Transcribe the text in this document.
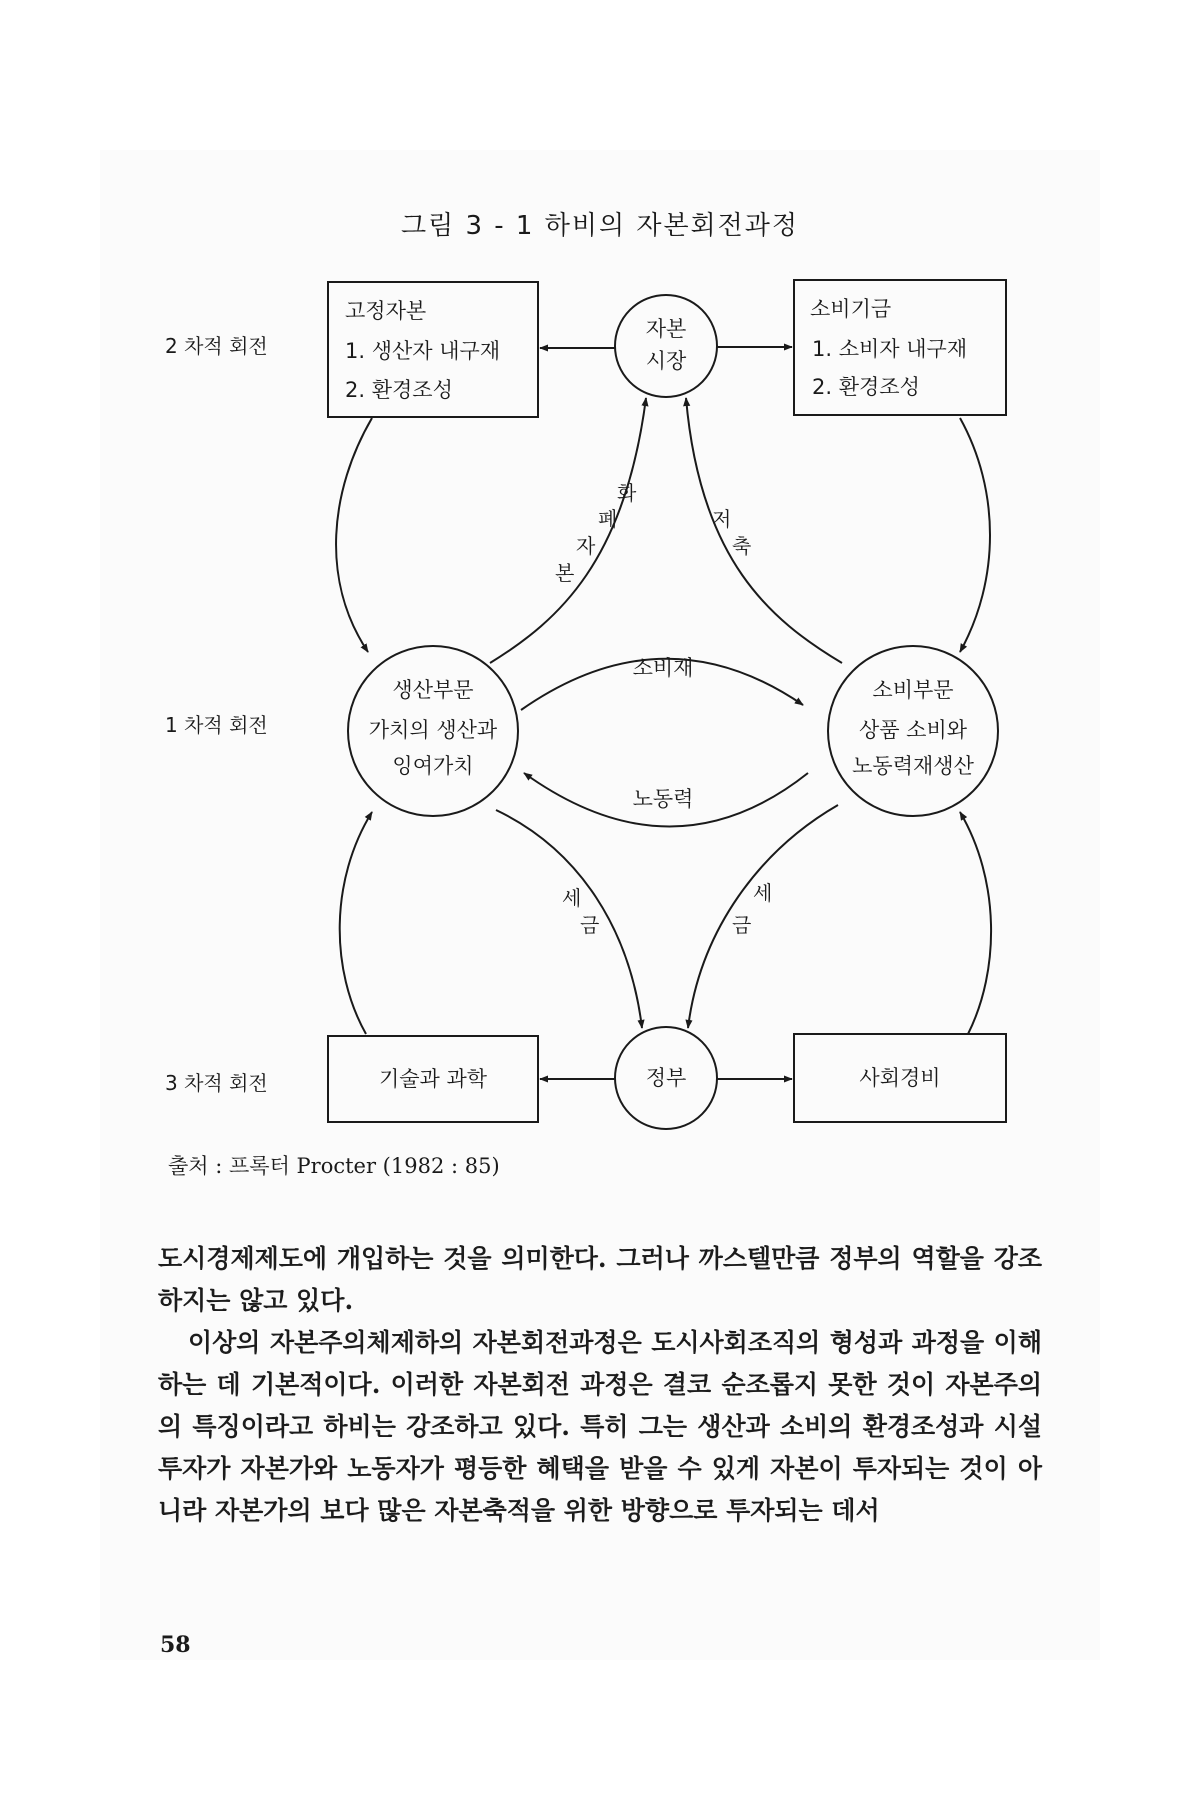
그림 3 - 1 하비의 자본회전과정
2 차적 회전
1 차적 회전
3 차적 회전
고정자본
1. 생산자 내구재
2. 환경조성
자본
시장
소비기금
1. 소비자 내구재
2. 환경조성
생산부문
가치의 생산과
잉여가치
소비부문
상품 소비와
노동력재생산
소비재
노동력
화
폐
자
본
저
축
세
금
세
금
기술과 과학	정부	사회경비

출처 : 프록터 Procter (1982 : 85)

도시경제제도에 개입하는 것을 의미한다. 그러나 까스텔만큼 정부의 역할을 강조하지는 않고 있다.

이상의 자본주의체제하의 자본회전과정은 도시사회조직의 형성과 과정을 이해하는 데 기본적이다. 이러한 자본회전 과정은 결코 순조롭지 못한 것이 자본주의의 특징이라고 하비는 강조하고 있다. 특히 그는 생산과 소비의 환경조성과 시설투자가 자본가와 노동자가 평등한 혜택을 받을 수 있게 자본이 투자되는 것이 아니라 자본가의 보다 많은 자본축적을 위한 방향으로 투자되는 데서

58
